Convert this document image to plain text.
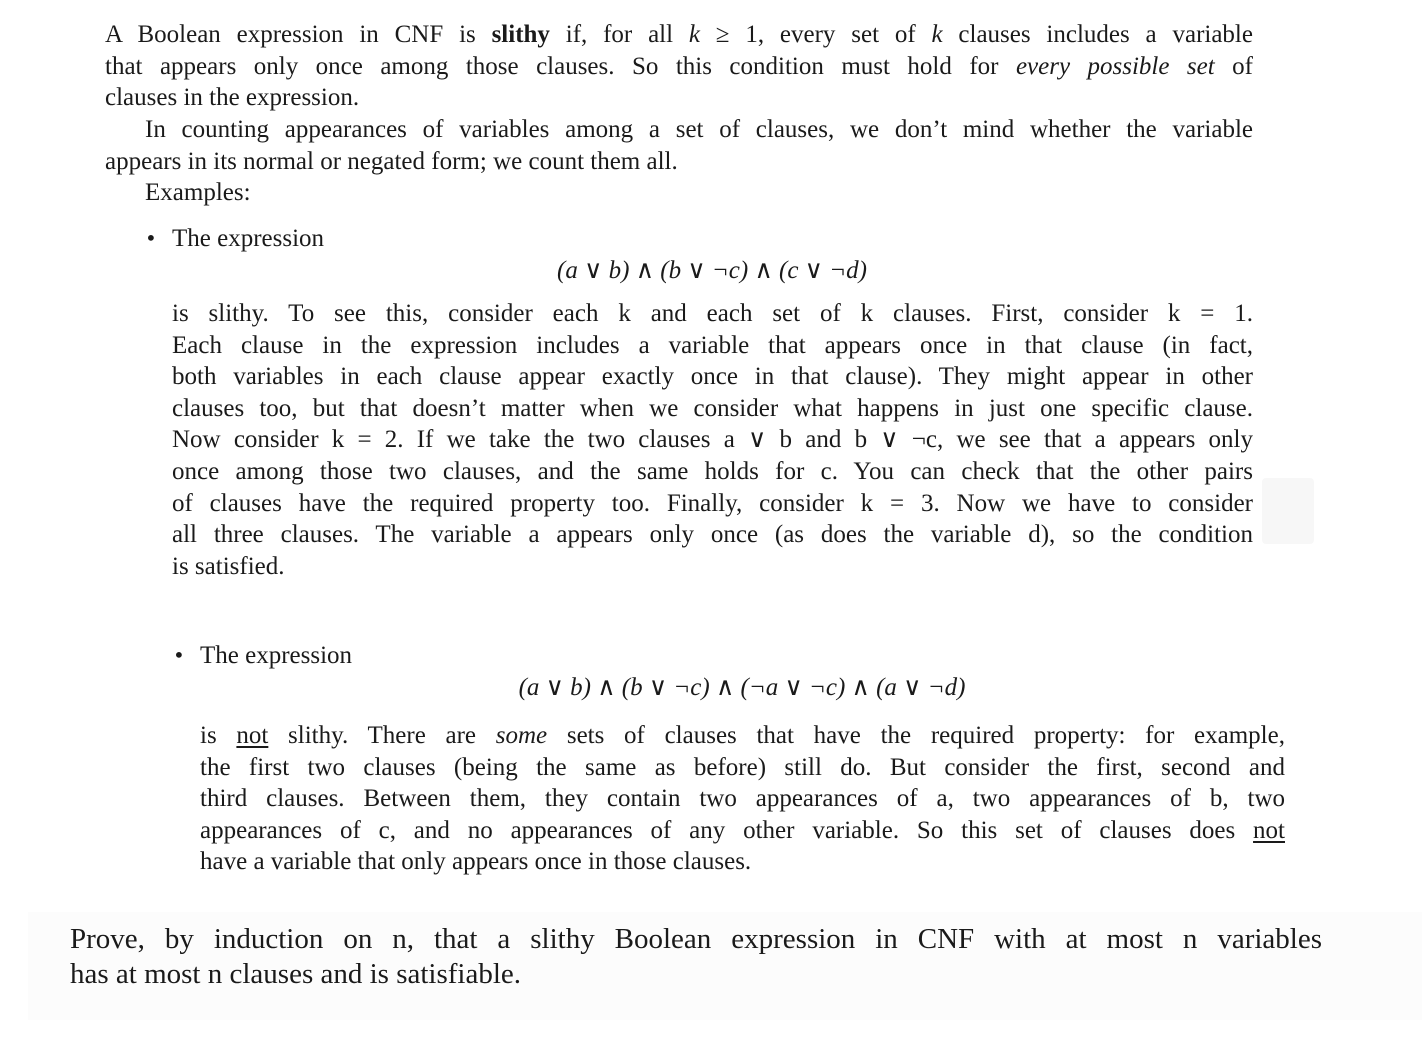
A Boolean expression in CNF is slithy if, for all k ≥ 1, every set of k clauses includes a variable
that appears only once among those clauses. So this condition must hold for every possible set of
clauses in the expression.
In counting appearances of variables among a set of clauses, we don’t mind whether the variable
appears in its normal or negated form; we count them all.
Examples:
• The expression
(a ∨ b) ∧ (b ∨ ¬c) ∧ (c ∨ ¬d)
is slithy. To see this, consider each k and each set of k clauses. First, consider k = 1.
Each clause in the expression includes a variable that appears once in that clause (in fact,
both variables in each clause appear exactly once in that clause). They might appear in other
clauses too, but that doesn’t matter when we consider what happens in just one specific clause.
Now consider k = 2. If we take the two clauses a ∨ b and b ∨ ¬c, we see that a appears only
once among those two clauses, and the same holds for c. You can check that the other pairs
of clauses have the required property too. Finally, consider k = 3. Now we have to consider
all three clauses. The variable a appears only once (as does the variable d), so the condition
is satisfied.
• The expression
(a ∨ b) ∧ (b ∨ ¬c) ∧ (¬a ∨ ¬c) ∧ (a ∨ ¬d)
is not slithy. There are some sets of clauses that have the required property: for example,
the first two clauses (being the same as before) still do. But consider the first, second and
third clauses. Between them, they contain two appearances of a, two appearances of b, two
appearances of c, and no appearances of any other variable. So this set of clauses does not
have a variable that only appears once in those clauses.
Prove, by induction on n, that a slithy Boolean expression in CNF with at most n variables
has at most n clauses and is satisfiable.
